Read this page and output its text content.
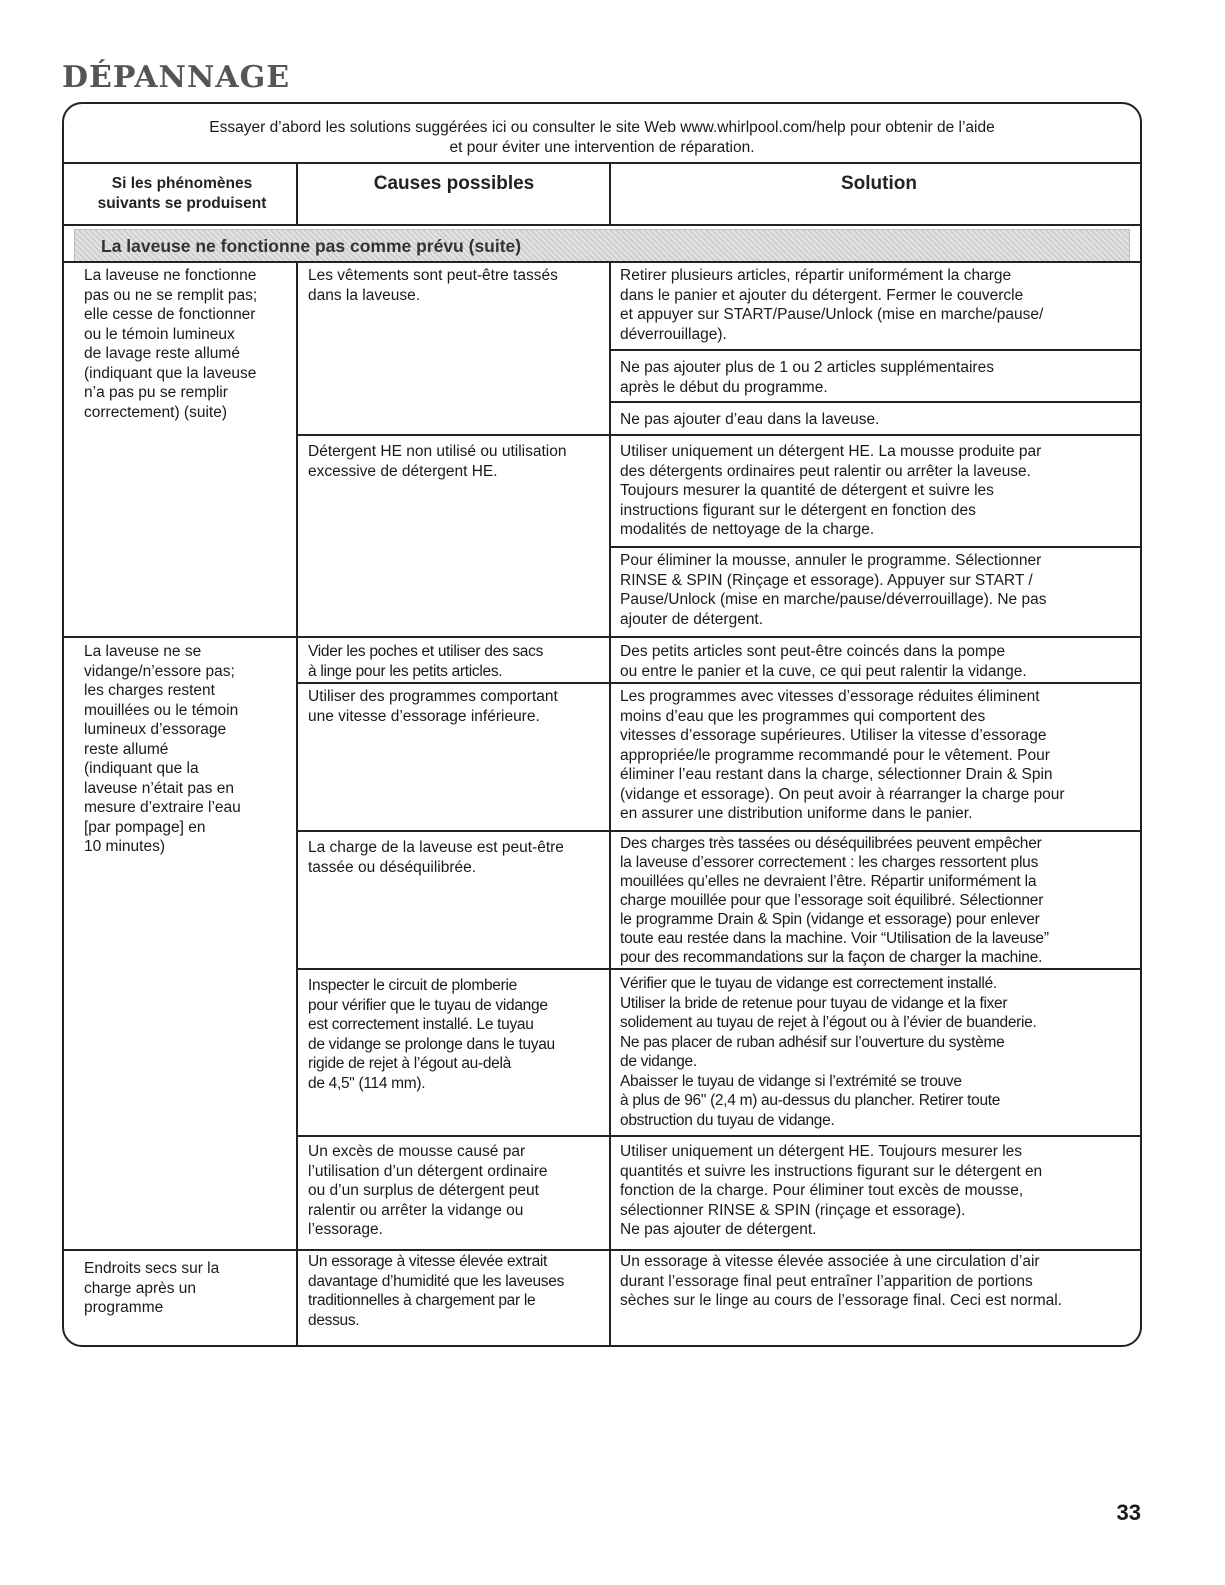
DÉPANNAGE
Essayer d’abord les solutions suggérées ici ou consulter le site Web www.whirlpool.com/help pour obtenir de l’aide
et pour éviter une intervention de réparation.
Si les phénomènes
suivants se produisent
Causes possibles	Solution
La laveuse ne fonctionne pas comme prévu (suite)
La laveuse ne fonctionne
pas ou ne se remplit pas;
elle cesse de fonctionner
ou le témoin lumineux
de lavage reste allumé
(indiquant que la laveuse
n’a pas pu se remplir
correctement) (suite)
Les vêtements sont peut-être tassés
dans la laveuse.
Retirer plusieurs articles, répartir uniformément la charge
dans le panier et ajouter du détergent. Fermer le couvercle
et appuyer sur START/Pause/Unlock (mise en marche/pause/
déverrouillage).
Ne pas ajouter plus de 1 ou 2 articles supplémentaires
après le début du programme.
Ne pas ajouter d’eau dans la laveuse.
Détergent HE non utilisé ou utilisation
excessive de détergent HE.
Utiliser uniquement un détergent HE. La mousse produite par
des détergents ordinaires peut ralentir ou arrêter la laveuse.
Toujours mesurer la quantité de détergent et suivre les
instructions figurant sur le détergent en fonction des
modalités de nettoyage de la charge.
Pour éliminer la mousse, annuler le programme. Sélectionner
RINSE & SPIN (Rinçage et essorage). Appuyer sur START /
Pause/Unlock (mise en marche/pause/déverrouillage). Ne pas
ajouter de détergent.
La laveuse ne se
vidange/n’essore pas;
les charges restent
mouillées ou le témoin
lumineux d’essorage
reste allumé
(indiquant que la
laveuse n’était pas en
mesure d’extraire l’eau
[par pompage] en
10 minutes)
Vider les poches et utiliser des sacs
à linge pour les petits articles.
Des petits articles sont peut-être coincés dans la pompe
ou entre le panier et la cuve, ce qui peut ralentir la vidange.
Utiliser des programmes comportant
une vitesse d’essorage inférieure.
Les programmes avec vitesses d’essorage réduites éliminent
moins d’eau que les programmes qui comportent des
vitesses d’essorage supérieures. Utiliser la vitesse d’essorage
appropriée/le programme recommandé pour le vêtement. Pour
éliminer l’eau restant dans la charge, sélectionner Drain & Spin
(vidange et essorage). On peut avoir à réarranger la charge pour
en assurer une distribution uniforme dans le panier.
La charge de la laveuse est peut-être
tassée ou déséquilibrée.
Des charges très tassées ou déséquilibrées peuvent empêcher
la laveuse d’essorer correctement : les charges ressortent plus
mouillées qu’elles ne devraient l’être. Répartir uniformément la
charge mouillée pour que l’essorage soit équilibré. Sélectionner
le programme Drain & Spin (vidange et essorage) pour enlever
toute eau restée dans la machine. Voir “Utilisation de la laveuse”
pour des recommandations sur la façon de charger la machine.
Inspecter le circuit de plomberie
pour vérifier que le tuyau de vidange
est correctement installé. Le tuyau
de vidange se prolonge dans le tuyau
rigide de rejet à l’égout au-delà
de 4,5" (114 mm).
Vérifier que le tuyau de vidange est correctement installé.
Utiliser la bride de retenue pour tuyau de vidange et la fixer
solidement au tuyau de rejet à l’égout ou à l’évier de buanderie.
Ne pas placer de ruban adhésif sur l’ouverture du système
de vidange.
Abaisser le tuyau de vidange si l’extrémité se trouve
à plus de 96" (2,4 m) au-dessus du plancher. Retirer toute
obstruction du tuyau de vidange.
Un excès de mousse causé par
l’utilisation d’un détergent ordinaire
ou d’un surplus de détergent peut
ralentir ou arrêter la vidange ou
l’essorage.
Utiliser uniquement un détergent HE. Toujours mesurer les
quantités et suivre les instructions figurant sur le détergent en
fonction de la charge. Pour éliminer tout excès de mousse,
sélectionner RINSE & SPIN (rinçage et essorage).
Ne pas ajouter de détergent.
Endroits secs sur la
charge après un
programme
Un essorage à vitesse élevée extrait
davantage d’humidité que les laveuses
traditionnelles à chargement par le
dessus.
Un essorage à vitesse élevée associée à une circulation d’air
durant l’essorage final peut entraîner l’apparition de portions
sèches sur le linge au cours de l’essorage final. Ceci est normal.
33
